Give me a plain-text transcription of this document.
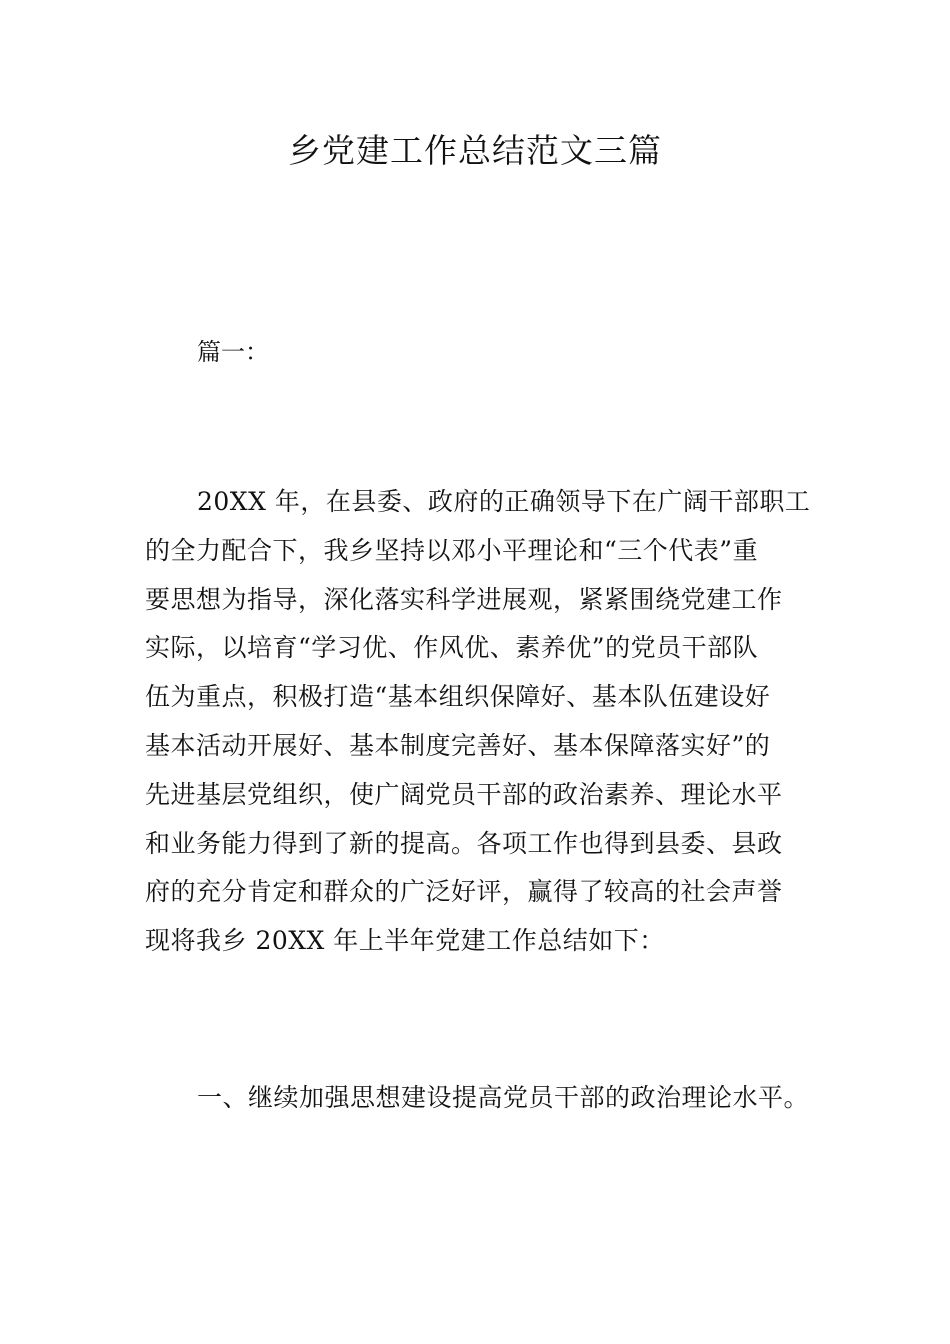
乡党建工作总结范文三篇
篇一：
20XX 年，在县委、政府的正确领导下在广阔干部职工
的全力配合下，我乡坚持以邓小平理论和“三个代表”重
要思想为指导，深化落实科学进展观，紧紧围绕党建工作
实际，以培育“学习优、作风优、素养优”的党员干部队
伍为重点，积极打造“基本组织保障好、基本队伍建设好
基本活动开展好、基本制度完善好、基本保障落实好”的
先进基层党组织，使广阔党员干部的政治素养、理论水平
和业务能力得到了新的提高。各项工作也得到县委、县政
府的充分肯定和群众的广泛好评，赢得了较高的社会声誉
现将我乡 20XX 年上半年党建工作总结如下：
一、继续加强思想建设提高党员干部的政治理论水平。
